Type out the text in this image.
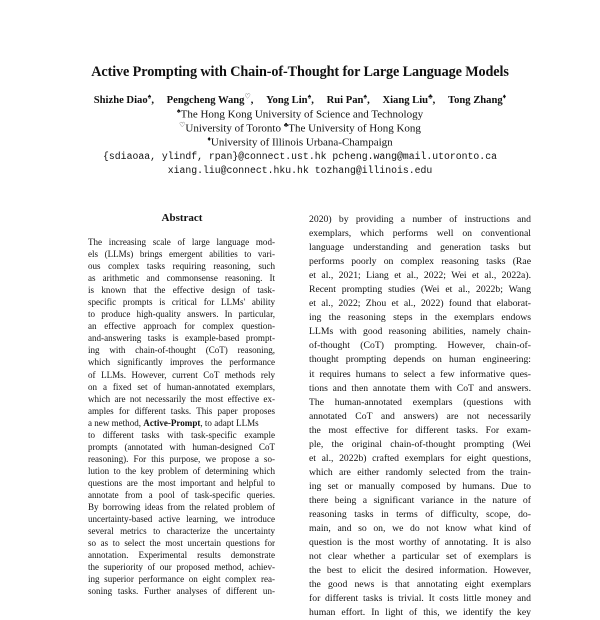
Active Prompting with Chain-of-Thought for Large Language Models
Shizhe Diao♠, Pengcheng Wang♡, Yong Lin♠, Rui Pan♠, Xiang Liu♣, Tong Zhang♦
♠The Hong Kong University of Science and Technology
♡University of Toronto ♣The University of Hong Kong
♦University of Illinois Urbana-Champaign
{sdiaoaa, ylindf, rpan}@connect.ust.hk pcheng.wang@mail.utoronto.ca
xiang.liu@connect.hku.hk tozhang@illinois.edu
Abstract
The increasing scale of large language mod-
els (LLMs) brings emergent abilities to vari-
ous complex tasks requiring reasoning, such
as arithmetic and commonsense reasoning. It
is known that the effective design of task-
specific prompts is critical for LLMs' ability
to produce high-quality answers. In particular,
an effective approach for complex question-
and-answering tasks is example-based prompt-
ing with chain-of-thought (CoT) reasoning,
which significantly improves the performance
of LLMs. However, current CoT methods rely
on a fixed set of human-annotated exemplars,
which are not necessarily the most effective ex-
amples for different tasks. This paper proposes
a new method, Active-Prompt, to adapt LLMs
to different tasks with task-specific example
prompts (annotated with human-designed CoT
reasoning). For this purpose, we propose a so-
lution to the key problem of determining which
questions are the most important and helpful to
annotate from a pool of task-specific queries.
By borrowing ideas from the related problem of
uncertainty-based active learning, we introduce
several metrics to characterize the uncertainty
so as to select the most uncertain questions for
annotation. Experimental results demonstrate
the superiority of our proposed method, achiev-
ing superior performance on eight complex rea-
soning tasks. Further analyses of different un-
2020) by providing a number of instructions and
exemplars, which performs well on conventional
language understanding and generation tasks but
performs poorly on complex reasoning tasks (Rae
et al., 2021; Liang et al., 2022; Wei et al., 2022a).
Recent prompting studies (Wei et al., 2022b; Wang
et al., 2022; Zhou et al., 2022) found that elaborat-
ing the reasoning steps in the exemplars endows
LLMs with good reasoning abilities, namely chain-
of-thought (CoT) prompting. However, chain-of-
thought prompting depends on human engineering:
it requires humans to select a few informative ques-
tions and then annotate them with CoT and answers.
The human-annotated exemplars (questions with
annotated CoT and answers) are not necessarily
the most effective for different tasks. For exam-
ple, the original chain-of-thought prompting (Wei
et al., 2022b) crafted exemplars for eight questions,
which are either randomly selected from the train-
ing set or manually composed by humans. Due to
there being a significant variance in the nature of
reasoning tasks in terms of difficulty, scope, do-
main, and so on, we do not know what kind of
question is the most worthy of annotating. It is also
not clear whether a particular set of exemplars is
the best to elicit the desired information. However,
the good news is that annotating eight exemplars
for different tasks is trivial. It costs little money and
human effort. In light of this, we identify the key
